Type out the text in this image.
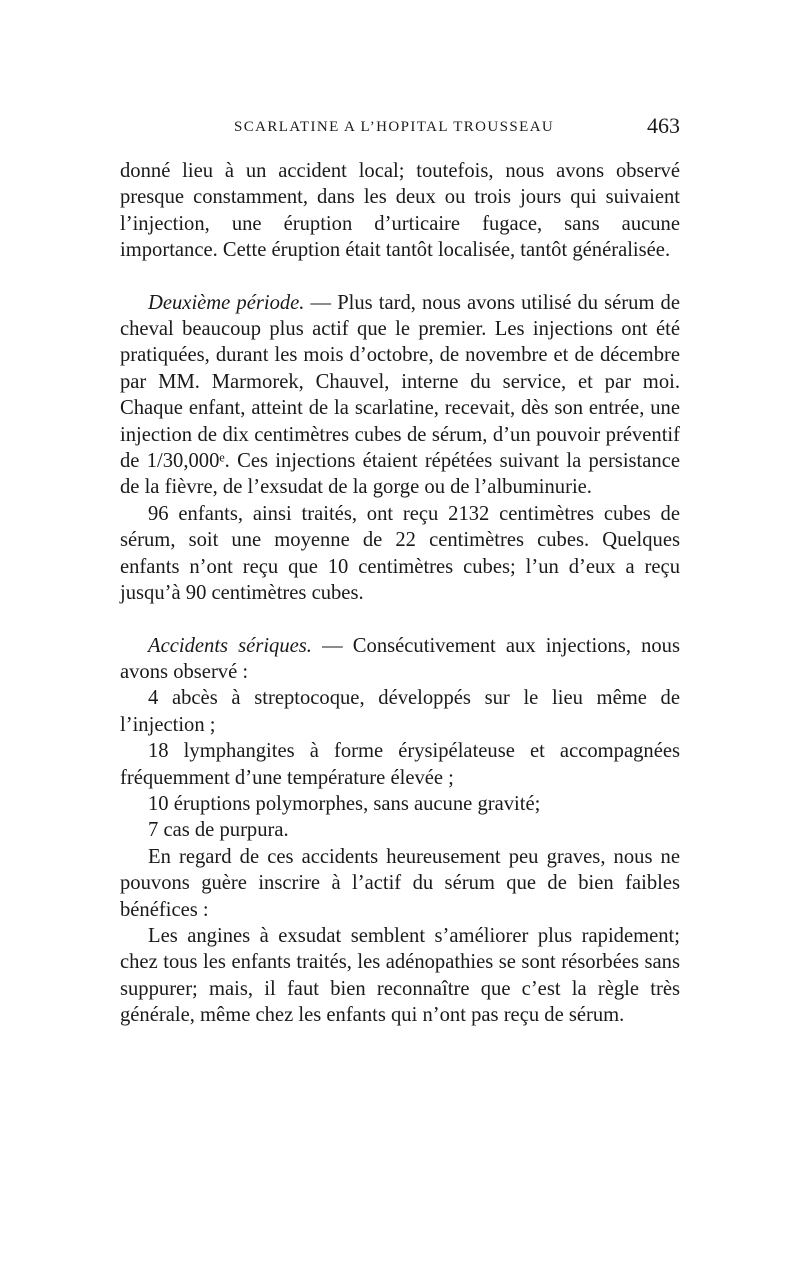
SCARLATINE A L’HOPITAL TROUSSEAU	463

donné lieu à un accident local; toutefois, nous avons observé presque constamment, dans les deux ou trois jours qui suivaient l’injection, une éruption d’urticaire fugace, sans aucune importance. Cette éruption était tantôt localisée, tantôt généralisée.

Deuxième période. — Plus tard, nous avons utilisé du sérum de cheval beaucoup plus actif que le premier. Les injections ont été pratiquées, durant les mois d’octobre, de novembre et de décembre par MM. Marmorek, Chauvel, interne du service, et par moi. Chaque enfant, atteint de la scarlatine, recevait, dès son entrée, une injection de dix centimètres cubes de sérum, d’un pouvoir préventif de 1/30,000ᵉ. Ces injections étaient répétées suivant la persistance de la fièvre, de l’exsudat de la gorge ou de l’albuminurie.

96 enfants, ainsi traités, ont reçu 2132 centimètres cubes de sérum, soit une moyenne de 22 centimètres cubes. Quelques enfants n’ont reçu que 10 centimètres cubes; l’un d’eux a reçu jusqu’à 90 centimètres cubes.

Accidents sériques. — Consécutivement aux injections, nous avons observé :

4 abcès à streptocoque, développés sur le lieu même de l’injection ;

18 lymphangites à forme érysipélateuse et accompagnées fréquemment d’une température élevée ;

10 éruptions polymorphes, sans aucune gravité;

7 cas de purpura.

En regard de ces accidents heureusement peu graves, nous ne pouvons guère inscrire à l’actif du sérum que de bien faibles bénéfices :

Les angines à exsudat semblent s’améliorer plus rapidement; chez tous les enfants traités, les adénopathies se sont résorbées sans suppurer; mais, il faut bien reconnaître que c’est la règle très générale, même chez les enfants qui n’ont pas reçu de sérum.
